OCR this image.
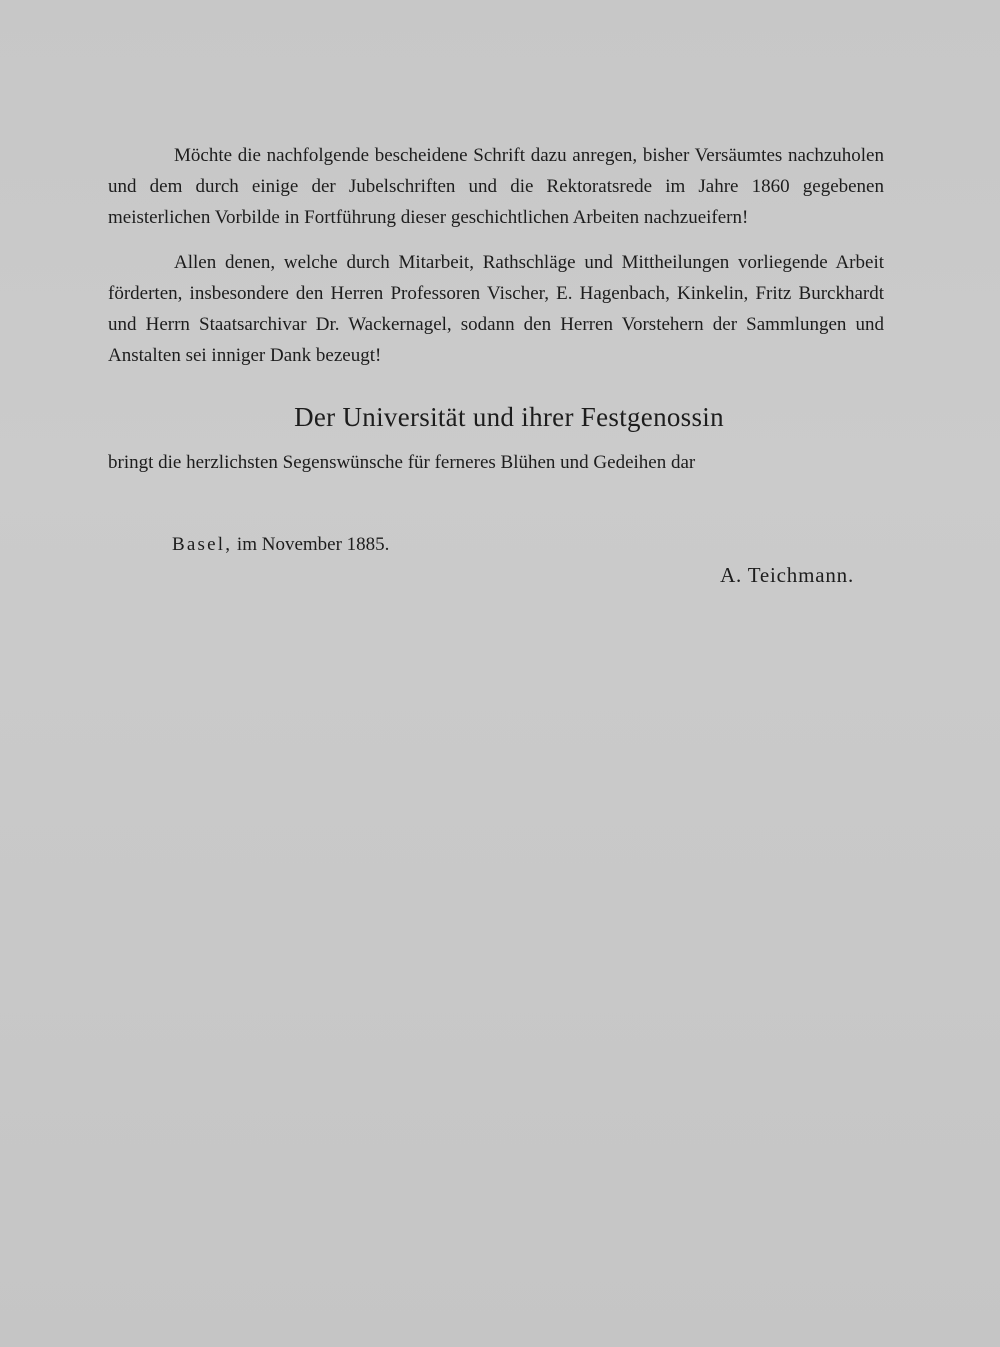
Möchte die nachfolgende bescheidene Schrift dazu anregen, bisher Versäumtes nachzuholen und dem durch einige der Jubelschriften und die Rektoratsrede im Jahre 1860 gegebenen meisterlichen Vorbilde in Fortführung dieser geschichtlichen Arbeiten nachzueifern!

Allen denen, welche durch Mitarbeit, Rathschläge und Mittheilungen vorliegende Arbeit förderten, insbesondere den Herren Professoren Vischer, E. Hagenbach, Kinkelin, Fritz Burckhardt und Herrn Staatsarchivar Dr. Wackernagel, sodann den Herren Vorstehern der Sammlungen und Anstalten sei inniger Dank bezeugt!

Der Universität und ihrer Festgenossin
bringt die herzlichsten Segenswünsche für ferneres Blühen und Gedeihen dar
Basel, im November 1885.
A. Teichmann.
